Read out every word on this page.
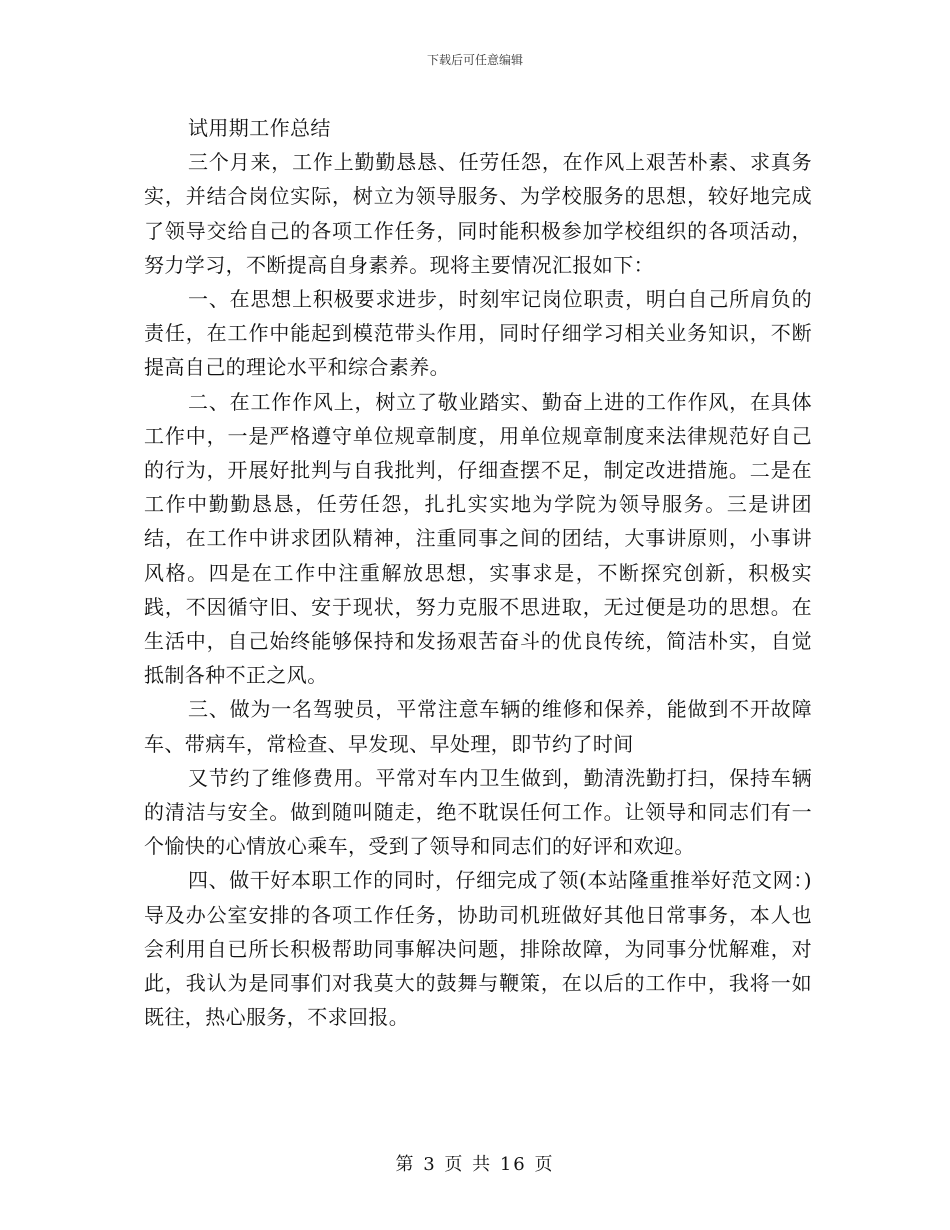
下载后可任意编辑

试用期工作总结

三个月来，工作上勤勤恳恳、任劳任怨，在作风上艰苦朴素、求真务实，并结合岗位实际，树立为领导服务、为学校服务的思想，较好地完成了领导交给自己的各项工作任务，同时能积极参加学校组织的各项活动，努力学习，不断提高自身素养。现将主要情况汇报如下：

一、在思想上积极要求进步，时刻牢记岗位职责，明白自己所肩负的责任，在工作中能起到模范带头作用，同时仔细学习相关业务知识，不断提高自己的理论水平和综合素养。

二、在工作作风上，树立了敬业踏实、勤奋上进的工作作风，在具体工作中，一是严格遵守单位规章制度，用单位规章制度来法律规范好自己的行为，开展好批判与自我批判，仔细查摆不足，制定改进措施。二是在工作中勤勤恳恳，任劳任怨，扎扎实实地为学院为领导服务。三是讲团结，在工作中讲求团队精神，注重同事之间的团结，大事讲原则，小事讲风格。四是在工作中注重解放思想，实事求是，不断探究创新，积极实践，不因循守旧、安于现状，努力克服不思进取，无过便是功的思想。在生活中，自己始终能够保持和发扬艰苦奋斗的优良传统，简洁朴实，自觉抵制各种不正之风。

三、做为一名驾驶员，平常注意车辆的维修和保养，能做到不开故障车、带病车，常检查、早发现、早处理，即节约了时间

又节约了维修费用。平常对车内卫生做到，勤清洗勤打扫，保持车辆的清洁与安全。做到随叫随走，绝不耽误任何工作。让领导和同志们有一个愉快的心情放心乘车，受到了领导和同志们的好评和欢迎。

四、做干好本职工作的同时，仔细完成了领(本站隆重推举好范文网：)导及办公室安排的各项工作任务，协助司机班做好其他日常事务，本人也会利用自已所长积极帮助同事解决问题，排除故障，为同事分忧解难，对此，我认为是同事们对我莫大的鼓舞与鞭策，在以后的工作中，我将一如既往，热心服务，不求回报。

第 3 页 共 16 页
